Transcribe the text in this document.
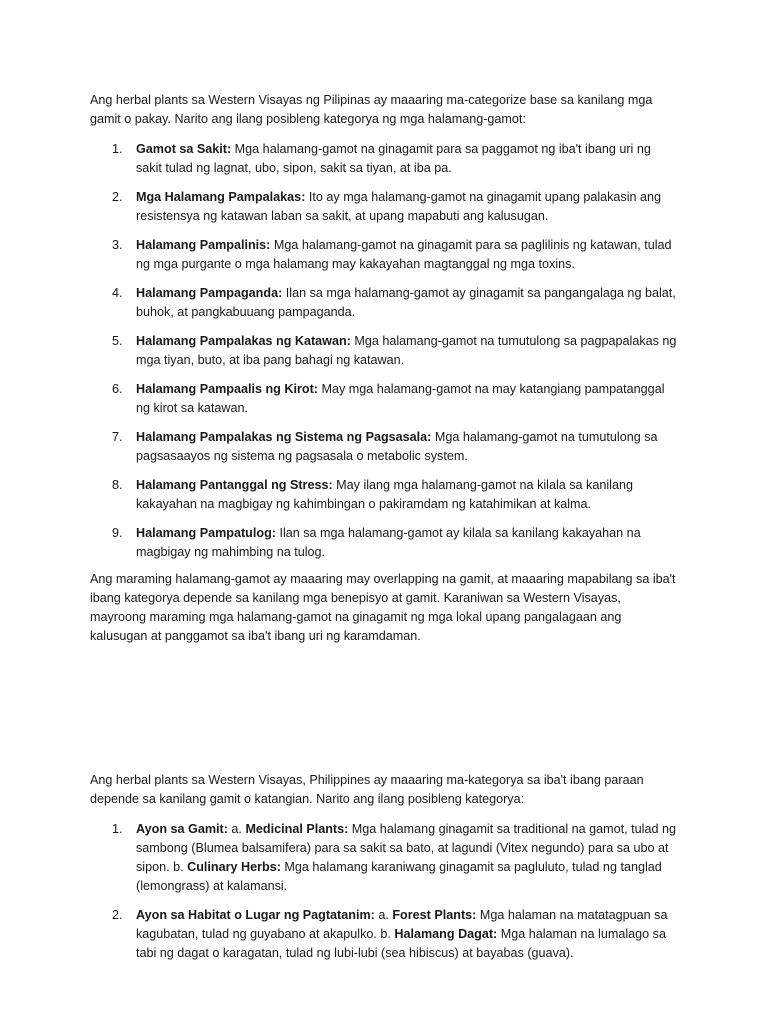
Ang herbal plants sa Western Visayas ng Pilipinas ay maaaring ma-categorize base sa kanilang mga gamit o pakay. Narito ang ilang posibleng kategorya ng mga halamang-gamot:

1. Gamot sa Sakit: Mga halamang-gamot na ginagamit para sa paggamot ng iba't ibang uri ng sakit tulad ng lagnat, ubo, sipon, sakit sa tiyan, at iba pa.
2. Mga Halamang Pampalakas: Ito ay mga halamang-gamot na ginagamit upang palakasin ang resistensya ng katawan laban sa sakit, at upang mapabuti ang kalusugan.
3. Halamang Pampalinis: Mga halamang-gamot na ginagamit para sa paglilinis ng katawan, tulad ng mga purgante o mga halamang may kakayahan magtanggal ng mga toxins.
4. Halamang Pampaganda: Ilan sa mga halamang-gamot ay ginagamit sa pangangalaga ng balat, buhok, at pangkabuuang pampaganda.
5. Halamang Pampalakas ng Katawan: Mga halamang-gamot na tumutulong sa pagpapalakas ng mga tiyan, buto, at iba pang bahagi ng katawan.
6. Halamang Pampaalis ng Kirot: May mga halamang-gamot na may katangiang pampatanggal ng kirot sa katawan.
7. Halamang Pampalakas ng Sistema ng Pagsasala: Mga halamang-gamot na tumutulong sa pagsasaayos ng sistema ng pagsasala o metabolic system.
8. Halamang Pantanggal ng Stress: May ilang mga halamang-gamot na kilala sa kanilang kakayahan na magbigay ng kahimbingan o pakiramdam ng katahimikan at kalma.
9. Halamang Pampatulog: Ilan sa mga halamang-gamot ay kilala sa kanilang kakayahan na magbigay ng mahimbing na tulog.

Ang maraming halamang-gamot ay maaaring may overlapping na gamit, at maaaring mapabilang sa iba't ibang kategorya depende sa kanilang mga benepisyo at gamit. Karaniwan sa Western Visayas, mayroong maraming mga halamang-gamot na ginagamit ng mga lokal upang pangalagaan ang kalusugan at panggamot sa iba't ibang uri ng karamdaman.

Ang herbal plants sa Western Visayas, Philippines ay maaaring ma-kategorya sa iba't ibang paraan depende sa kanilang gamit o katangian. Narito ang ilang posibleng kategorya:

1. Ayon sa Gamit: a. Medicinal Plants: Mga halamang ginagamit sa traditional na gamot, tulad ng sambong (Blumea balsamifera) para sa sakit sa bato, at lagundi (Vitex negundo) para sa ubo at sipon. b. Culinary Herbs: Mga halamang karaniwang ginagamit sa pagluluto, tulad ng tanglad (lemongrass) at kalamansi.
2. Ayon sa Habitat o Lugar ng Pagtatanim: a. Forest Plants: Mga halaman na matatagpuan sa kagubatan, tulad ng guyabano at akapulko. b. Halamang Dagat: Mga halaman na lumalago sa tabi ng dagat o karagatan, tulad ng lubi-lubi (sea hibiscus) at bayabas (guava).
